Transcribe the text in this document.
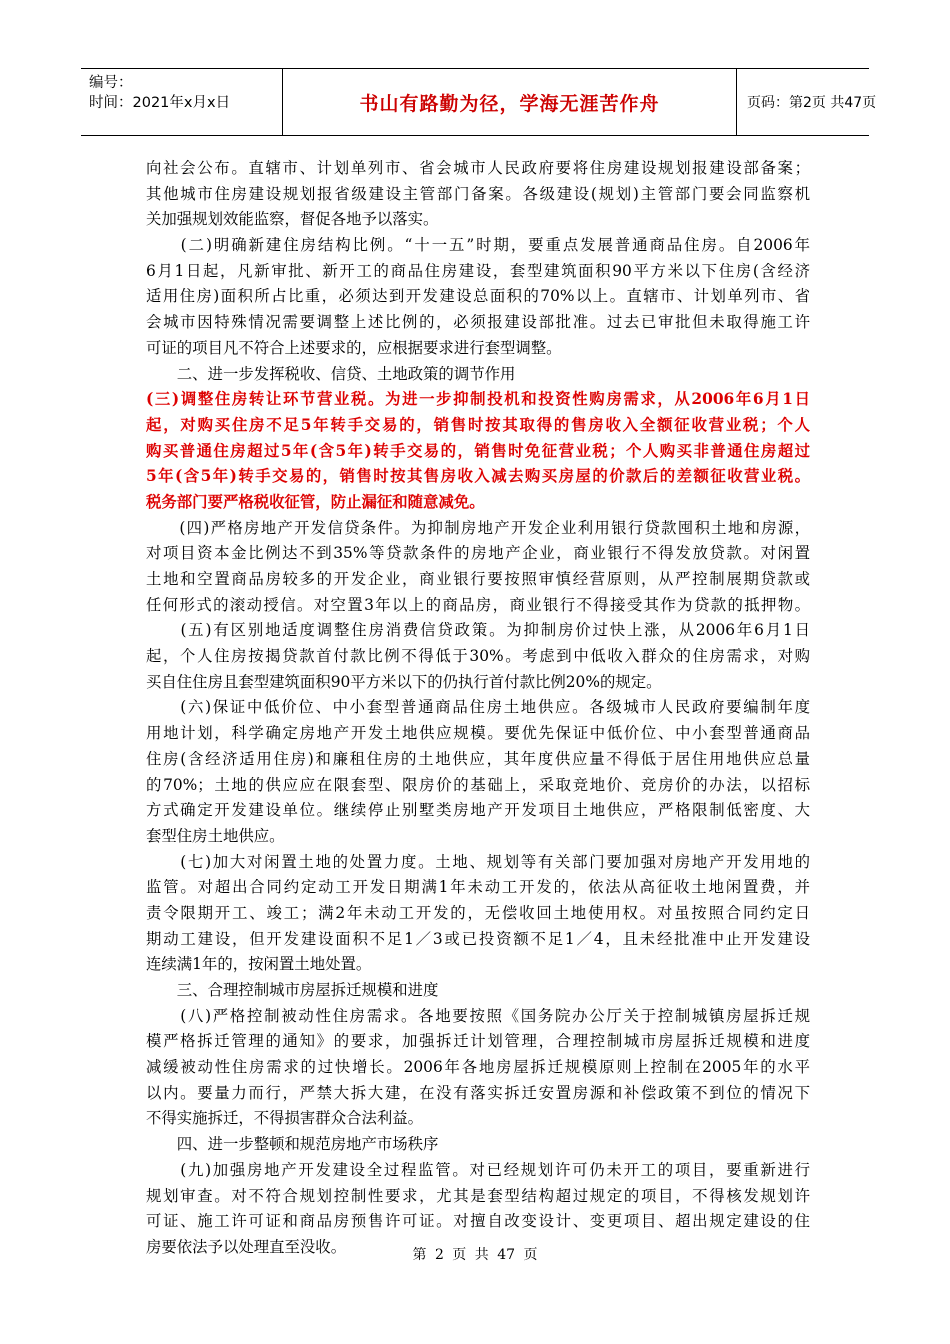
编号：
时间：2021年x月x日	书山有路勤为径，学海无涯苦作舟	页码：第2页 共47页
向社会公布。直辖市、计划单列市、省会城市人民政府要将住房建设规划报建设部备案；
其他城市住房建设规划报省级建设主管部门备案。各级建设(规划)主管部门要会同监察机
关加强规划效能监察，督促各地予以落实。
　　(二)明确新建住房结构比例。“十一五”时期，要重点发展普通商品住房。自2006年
6月1日起，凡新审批、新开工的商品住房建设，套型建筑面积90平方米以下住房(含经济
适用住房)面积所占比重，必须达到开发建设总面积的70%以上。直辖市、计划单列市、省
会城市因特殊情况需要调整上述比例的，必须报建设部批准。过去已审批但未取得施工许
可证的项目凡不符合上述要求的，应根据要求进行套型调整。
　　二、进一步发挥税收、信贷、土地政策的调节作用
(三)调整住房转让环节营业税。为进一步抑制投机和投资性购房需求，从2006年6月1日
起，对购买住房不足5年转手交易的，销售时按其取得的售房收入全额征收营业税；个人
购买普通住房超过5年(含5年)转手交易的，销售时免征营业税；个人购买非普通住房超过
5年(含5年)转手交易的，销售时按其售房收入减去购买房屋的价款后的差额征收营业税。
税务部门要严格税收征管，防止漏征和随意减免。
　　(四)严格房地产开发信贷条件。为抑制房地产开发企业利用银行贷款囤积土地和房源，
对项目资本金比例达不到35%等贷款条件的房地产企业，商业银行不得发放贷款。对闲置
土地和空置商品房较多的开发企业，商业银行要按照审慎经营原则，从严控制展期贷款或
任何形式的滚动授信。对空置3年以上的商品房，商业银行不得接受其作为贷款的抵押物。
　　(五)有区别地适度调整住房消费信贷政策。为抑制房价过快上涨，从2006年6月1日
起，个人住房按揭贷款首付款比例不得低于30%。考虑到中低收入群众的住房需求，对购
买自住住房且套型建筑面积90平方米以下的仍执行首付款比例20%的规定。
　　(六)保证中低价位、中小套型普通商品住房土地供应。各级城市人民政府要编制年度
用地计划，科学确定房地产开发土地供应规模。要优先保证中低价位、中小套型普通商品
住房(含经济适用住房)和廉租住房的土地供应，其年度供应量不得低于居住用地供应总量
的70%；土地的供应应在限套型、限房价的基础上，采取竞地价、竞房价的办法，以招标
方式确定开发建设单位。继续停止别墅类房地产开发项目土地供应，严格限制低密度、大
套型住房土地供应。
　　(七)加大对闲置土地的处置力度。土地、规划等有关部门要加强对房地产开发用地的
监管。对超出合同约定动工开发日期满1年未动工开发的，依法从高征收土地闲置费，并
责令限期开工、竣工；满2年未动工开发的，无偿收回土地使用权。对虽按照合同约定日
期动工建设，但开发建设面积不足1／3或已投资额不足1／4，且未经批准中止开发建设
连续满1年的，按闲置土地处置。
　　三、合理控制城市房屋拆迁规模和进度
　　(八)严格控制被动性住房需求。各地要按照《国务院办公厅关于控制城镇房屋拆迁规
模严格拆迁管理的通知》的要求，加强拆迁计划管理，合理控制城市房屋拆迁规模和进度
减缓被动性住房需求的过快增长。2006年各地房屋拆迁规模原则上控制在2005年的水平
以内。要量力而行，严禁大拆大建，在没有落实拆迁安置房源和补偿政策不到位的情况下
不得实施拆迁，不得损害群众合法利益。
　　四、进一步整顿和规范房地产市场秩序
　　(九)加强房地产开发建设全过程监管。对已经规划许可仍未开工的项目，要重新进行
规划审查。对不符合规划控制性要求，尤其是套型结构超过规定的项目，不得核发规划许
可证、施工许可证和商品房预售许可证。对擅自改变设计、变更项目、超出规定建设的住
房要依法予以处理直至没收。	第 2 页 共 47 页
